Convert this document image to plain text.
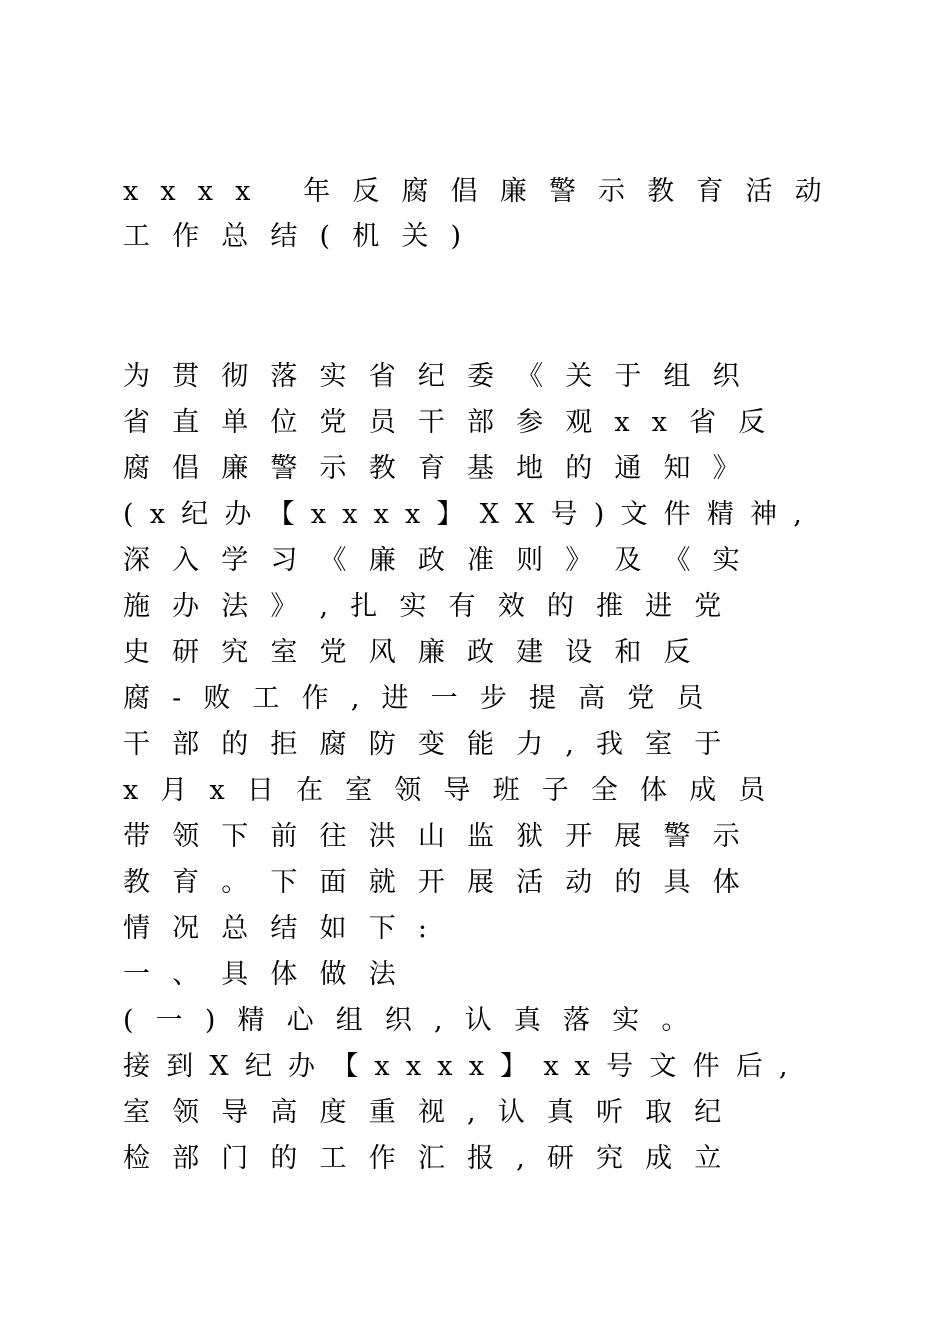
xxxx 年反腐倡廉警示教育活动
工作总结(机关)
为贯彻落实省纪委《关于组织
省直单位党员干部参观xx省反
腐倡廉警示教育基地的通知》
(x纪办【xxxx】XX号)文件精神,
深入学习《廉政准则》及《实
施办法》,扎实有效的推进党
史研究室党风廉政建设和反
腐-败工作,进一步提高党员
干部的拒腐防变能力,我室于
x月x日在室领导班子全体成员
带领下前往洪山监狱开展警示
教育。下面就开展活动的具体
情况总结如下:
一、具体做法
(一)精心组织,认真落实。
接到X纪办【xxxx】xx号文件后,
室领导高度重视,认真听取纪
检部门的工作汇报,研究成立
